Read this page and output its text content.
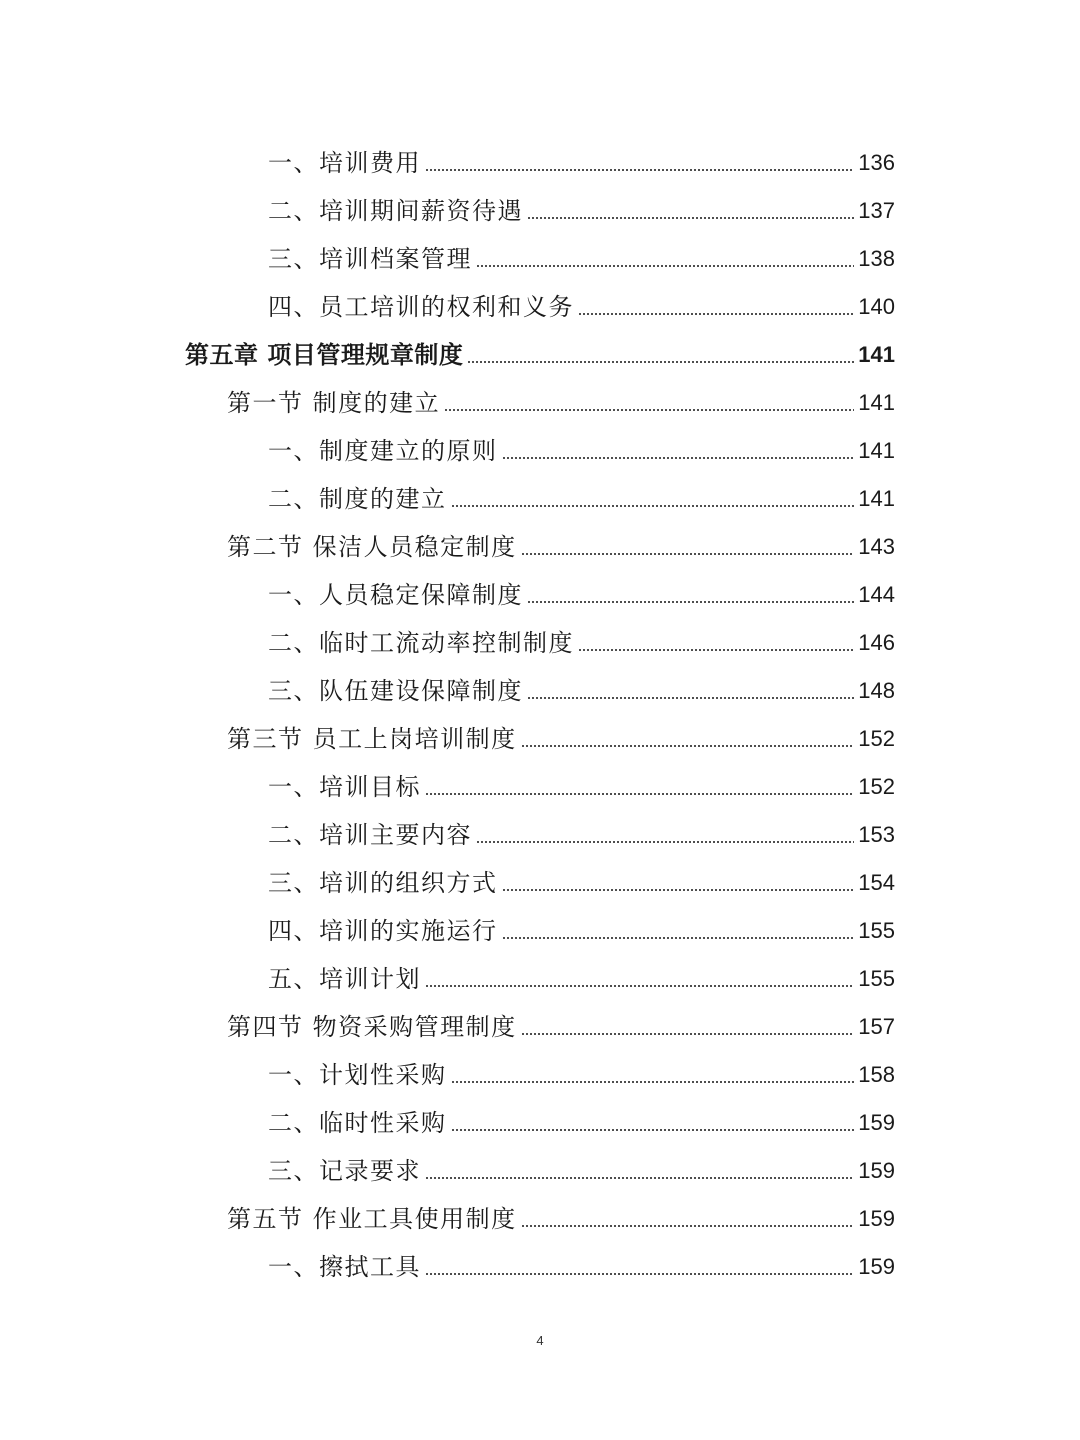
一、培训费用	136
二、培训期间薪资待遇	137
三、培训档案管理	138
四、员工培训的权利和义务	140
第五章 项目管理规章制度	141
第一节 制度的建立	141
一、制度建立的原则	141
二、制度的建立	141
第二节 保洁人员稳定制度	143
一、人员稳定保障制度	144
二、临时工流动率控制制度	146
三、队伍建设保障制度	148
第三节 员工上岗培训制度	152
一、培训目标	152
二、培训主要内容	153
三、培训的组织方式	154
四、培训的实施运行	155
五、培训计划	155
第四节 物资采购管理制度	157
一、计划性采购	158
二、临时性采购	159
三、记录要求	159
第五节 作业工具使用制度	159
一、擦拭工具	159
4
